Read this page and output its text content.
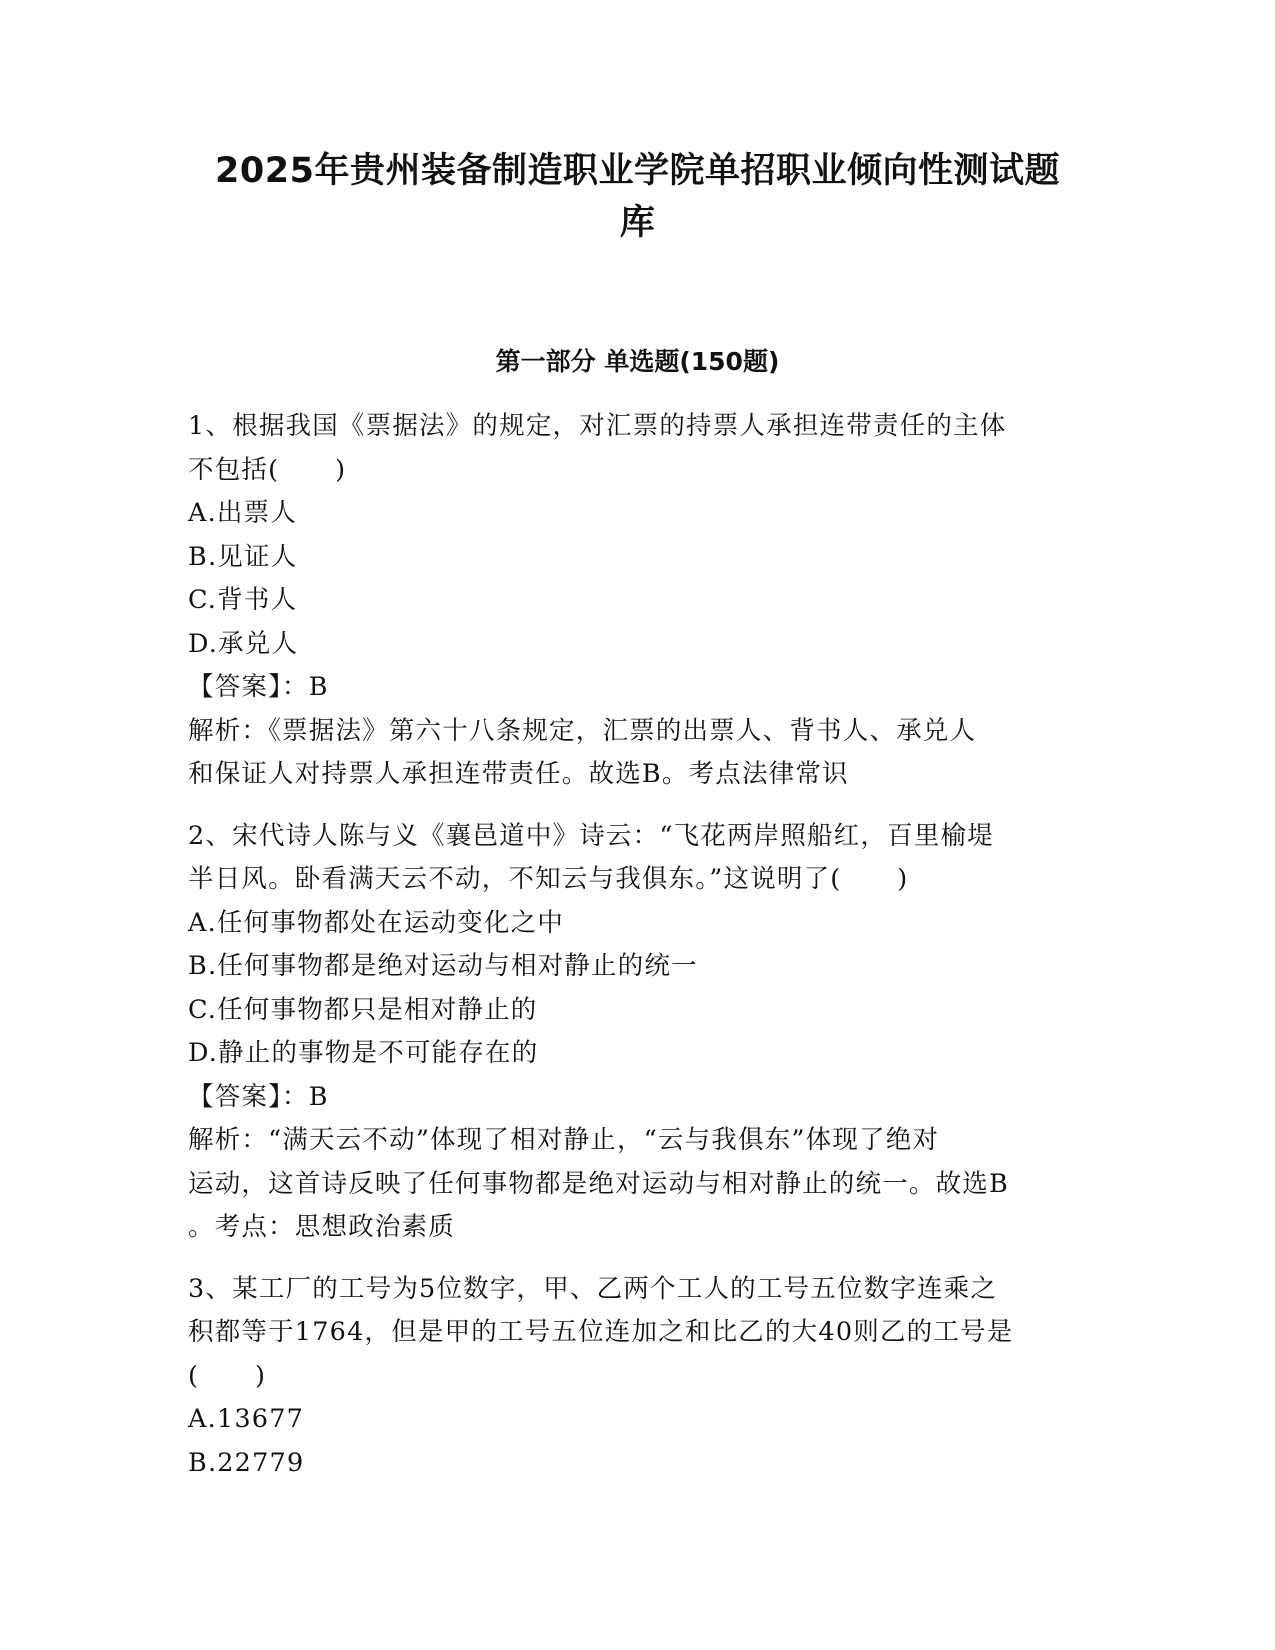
2025年贵州装备制造职业学院单招职业倾向性测试题
库
第一部分 单选题(150题)
1、根据我国《票据法》的规定，对汇票的持票人承担连带责任的主体
不包括(      )
A.出票人
B.见证人
C.背书人
D.承兑人
【答案】：B
解析：《票据法》第六十八条规定，汇票的出票人、背书人、承兑人
和保证人对持票人承担连带责任。故选B。考点法律常识
2、宋代诗人陈与义《襄邑道中》诗云：“飞花两岸照船红，百里榆堤
半日风。卧看满天云不动，不知云与我俱东。”这说明了(      )
A.任何事物都处在运动变化之中
B.任何事物都是绝对运动与相对静止的统一
C.任何事物都只是相对静止的
D.静止的事物是不可能存在的
【答案】：B
解析：“满天云不动”体现了相对静止，“云与我俱东”体现了绝对
运动，这首诗反映了任何事物都是绝对运动与相对静止的统一。故选B
。考点：思想政治素质
3、某工厂的工号为5位数字，甲、乙两个工人的工号五位数字连乘之
积都等于1764，但是甲的工号五位连加之和比乙的大40则乙的工号是
(      )
A.13677
B.22779
